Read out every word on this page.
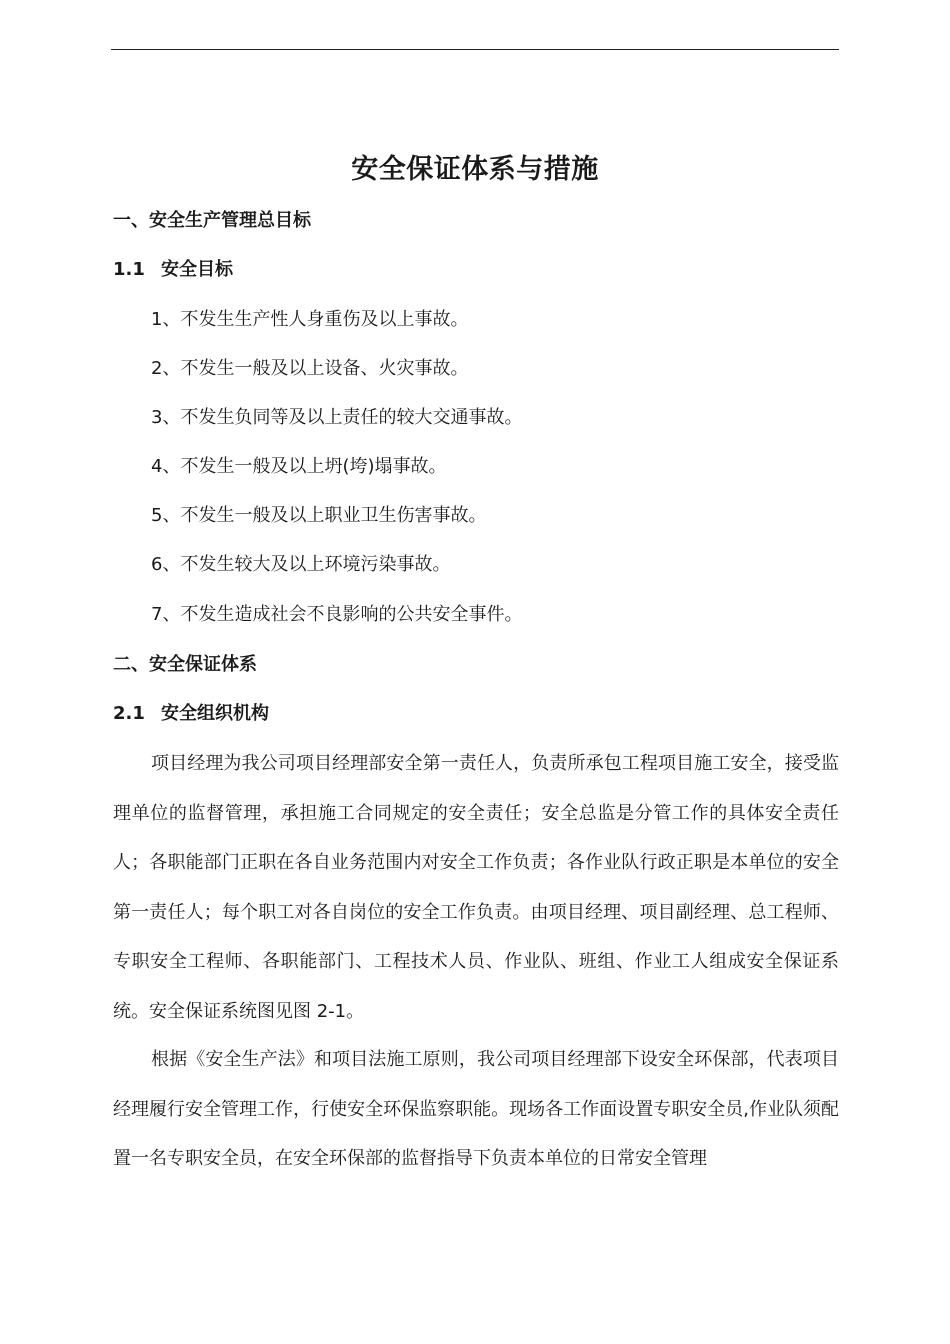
安全保证体系与措施
一、安全生产管理总目标
1.1 安全目标
1、不发生生产性人身重伤及以上事故。
2、不发生一般及以上设备、火灾事故。
3、不发生负同等及以上责任的较大交通事故。
4、不发生一般及以上坍(垮)塌事故。
5、不发生一般及以上职业卫生伤害事故。
6、不发生较大及以上环境污染事故。
7、不发生造成社会不良影响的公共安全事件。
二、安全保证体系
2.1 安全组织机构

项目经理为我公司项目经理部安全第一责任人，负责所承包工程项目施工安全，接受监理单位的监督管理，承担施工合同规定的安全责任；安全总监是分管工作的具体安全责任人；各职能部门正职在各自业务范围内对安全工作负责；各作业队行政正职是本单位的安全第一责任人；每个职工对各自岗位的安全工作负责。由项目经理、项目副经理、总工程师、专职安全工程师、各职能部门、工程技术人员、作业队、班组、作业工人组成安全保证系统。安全保证系统图见图 2-1。

根据《安全生产法》和项目法施工原则，我公司项目经理部下设安全环保部，代表项目经理履行安全管理工作，行使安全环保监察职能。现场各工作面设置专职安全员,作业队须配置一名专职安全员，在安全环保部的监督指导下负责本单位的日常安全管理
